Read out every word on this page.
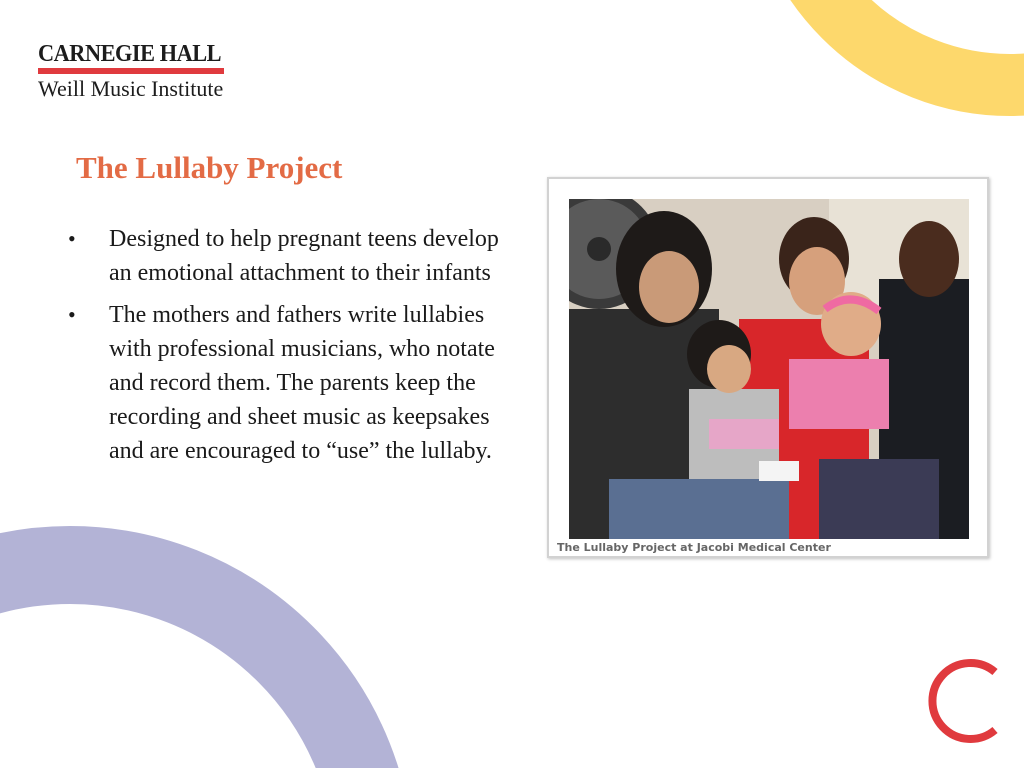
CARNEGIE HALL
Weill Music Institute
The Lullaby Project
• Designed to help pregnant teens develop an emotional attachment to their infants
• The mothers and fathers write lullabies with professional musicians, who notate and record them. The parents keep the recording and sheet music as keepsakes and are encouraged to “use” the lullaby.
The Lullaby Project at Jacobi Medical Center
